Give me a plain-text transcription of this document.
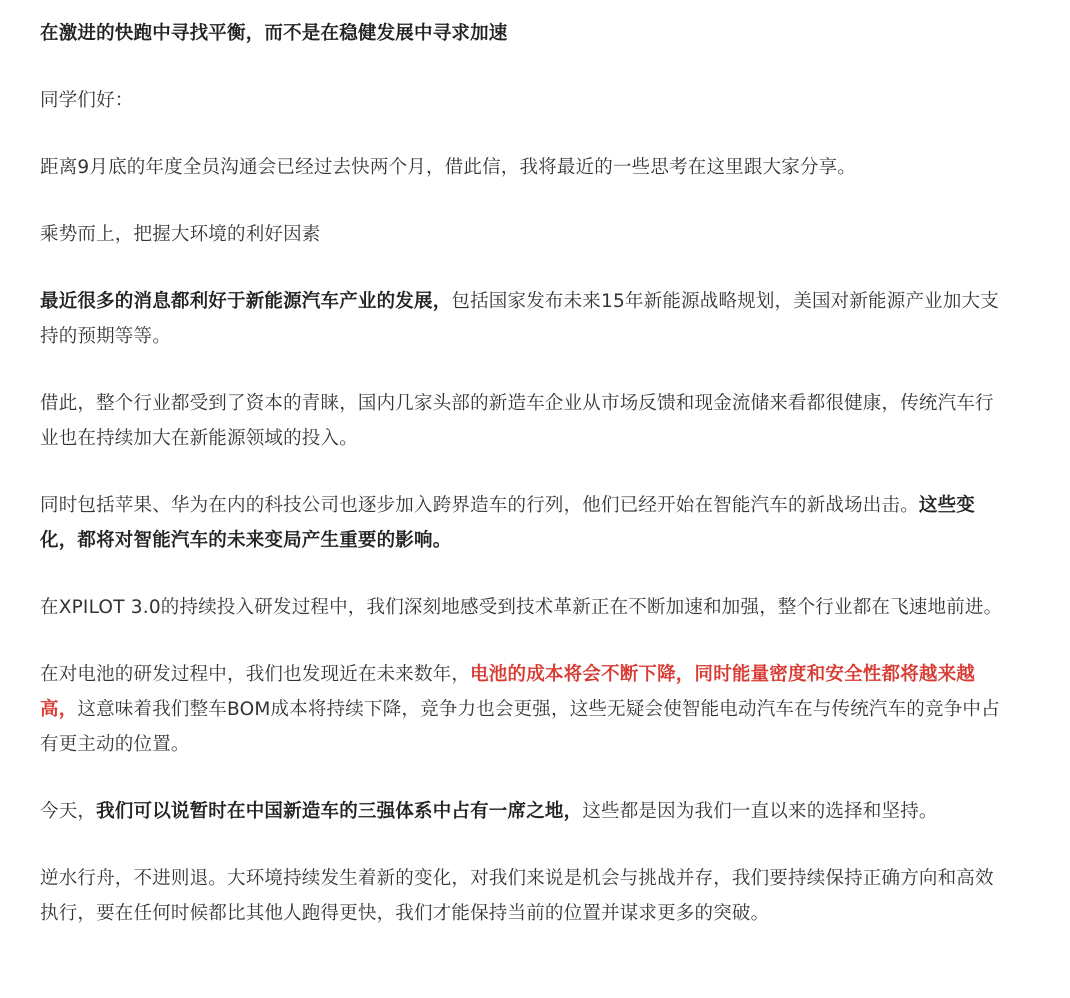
在激进的快跑中寻找平衡，而不是在稳健发展中寻求加速

同学们好：

距离9月底的年度全员沟通会已经过去快两个月，借此信，我将最近的一些思考在这里跟大家分享。

乘势而上，把握大环境的利好因素

最近很多的消息都利好于新能源汽车产业的发展，包括国家发布未来15年新能源战略规划，美国对新能源产业加大支持的预期等等。

借此，整个行业都受到了资本的青睐，国内几家头部的新造车企业从市场反馈和现金流储来看都很健康，传统汽车行业也在持续加大在新能源领域的投入。

同时包括苹果、华为在内的科技公司也逐步加入跨界造车的行列，他们已经开始在智能汽车的新战场出击。这些变化，都将对智能汽车的未来变局产生重要的影响。

在XPILOT 3.0的持续投入研发过程中，我们深刻地感受到技术革新正在不断加速和加强，整个行业都在飞速地前进。

在对电池的研发过程中，我们也发现近在未来数年，电池的成本将会不断下降，同时能量密度和安全性都将越来越高，这意味着我们整车BOM成本将持续下降，竞争力也会更强，这些无疑会使智能电动汽车在与传统汽车的竞争中占有更主动的位置。

今天，我们可以说暂时在中国新造车的三强体系中占有一席之地，这些都是因为我们一直以来的选择和坚持。

逆水行舟，不进则退。大环境持续发生着新的变化，对我们来说是机会与挑战并存，我们要持续保持正确方向和高效执行，要在任何时候都比其他人跑得更快，我们才能保持当前的位置并谋求更多的突破。
